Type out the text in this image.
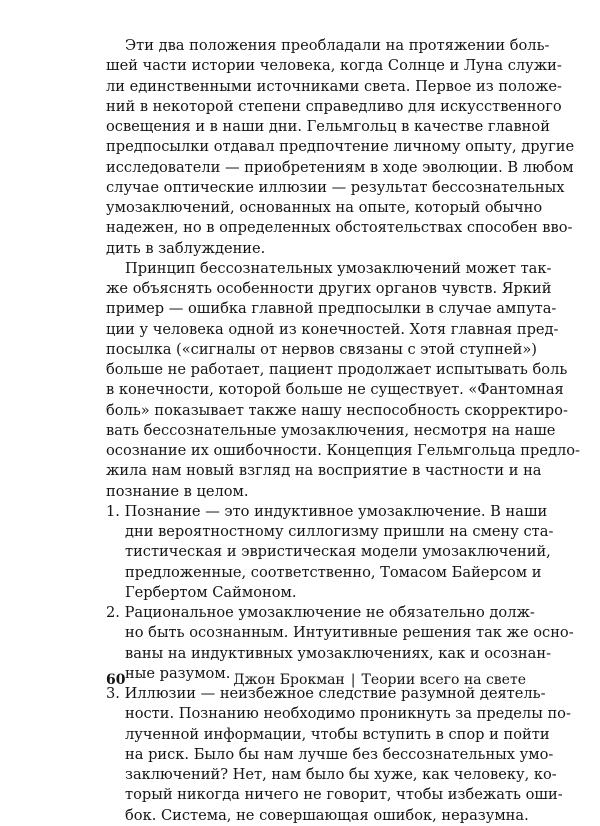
Эти два положения преобладали на протяжении боль-
шей части истории человека, когда Солнце и Луна служи-
ли единственными источниками света. Первое из положе-
ний в некоторой степени справедливо для искусственного
освещения и в наши дни. Гельмгольц в качестве главной
предпосылки отдавал предпочтение личному опыту, другие
исследователи — приобретениям в ходе эволюции. В любом
случае оптические иллюзии — результат бессознательных
умозаключений, основанных на опыте, который обычно
надежен, но в определенных обстоятельствах способен вво-
дить в заблуждение.
Принцип бессознательных умозаключений может так-
же объяснять особенности других органов чувств. Яркий
пример — ошибка главной предпосылки в случае ампута-
ции у человека одной из конечностей. Хотя главная пред-
посылка («сигналы от нервов связаны с этой ступней»)
больше не работает, пациент продолжает испытывать боль
в конечности, которой больше не существует. «Фантомная
боль» показывает также нашу неспособность скорректиро-
вать бессознательные умозаключения, несмотря на наше
осознание их ошибочности. Концепция Гельмгольца предло-
жила нам новый взгляд на восприятие в частности и на
познание в целом.
1. Познание — это индуктивное умозаключение. В наши
дни вероятностному силлогизму пришли на смену ста-
тистическая и эвристическая модели умозаключений,
предложенные, соответственно, Томасом Байерсом и
Гербертом Саймоном.
2. Рациональное умозаключение не обязательно долж-
но быть осознанным. Интуитивные решения так же осно-
ваны на индуктивных умозаключениях, как и осознан-
ные разумом.
3. Иллюзии — неизбежное следствие разумной деятель-
ности. Познанию необходимо проникнуть за пределы по-
лученной информации, чтобы вступить в спор и пойти
на риск. Было бы нам лучше без бессознательных умо-
заключений? Нет, нам было бы хуже, как человеку, ко-
торый никогда ничего не говорит, чтобы избежать оши-
бок. Система, не совершающая ошибок, неразумна.
60	Джон Брокман | Теории всего на свете
